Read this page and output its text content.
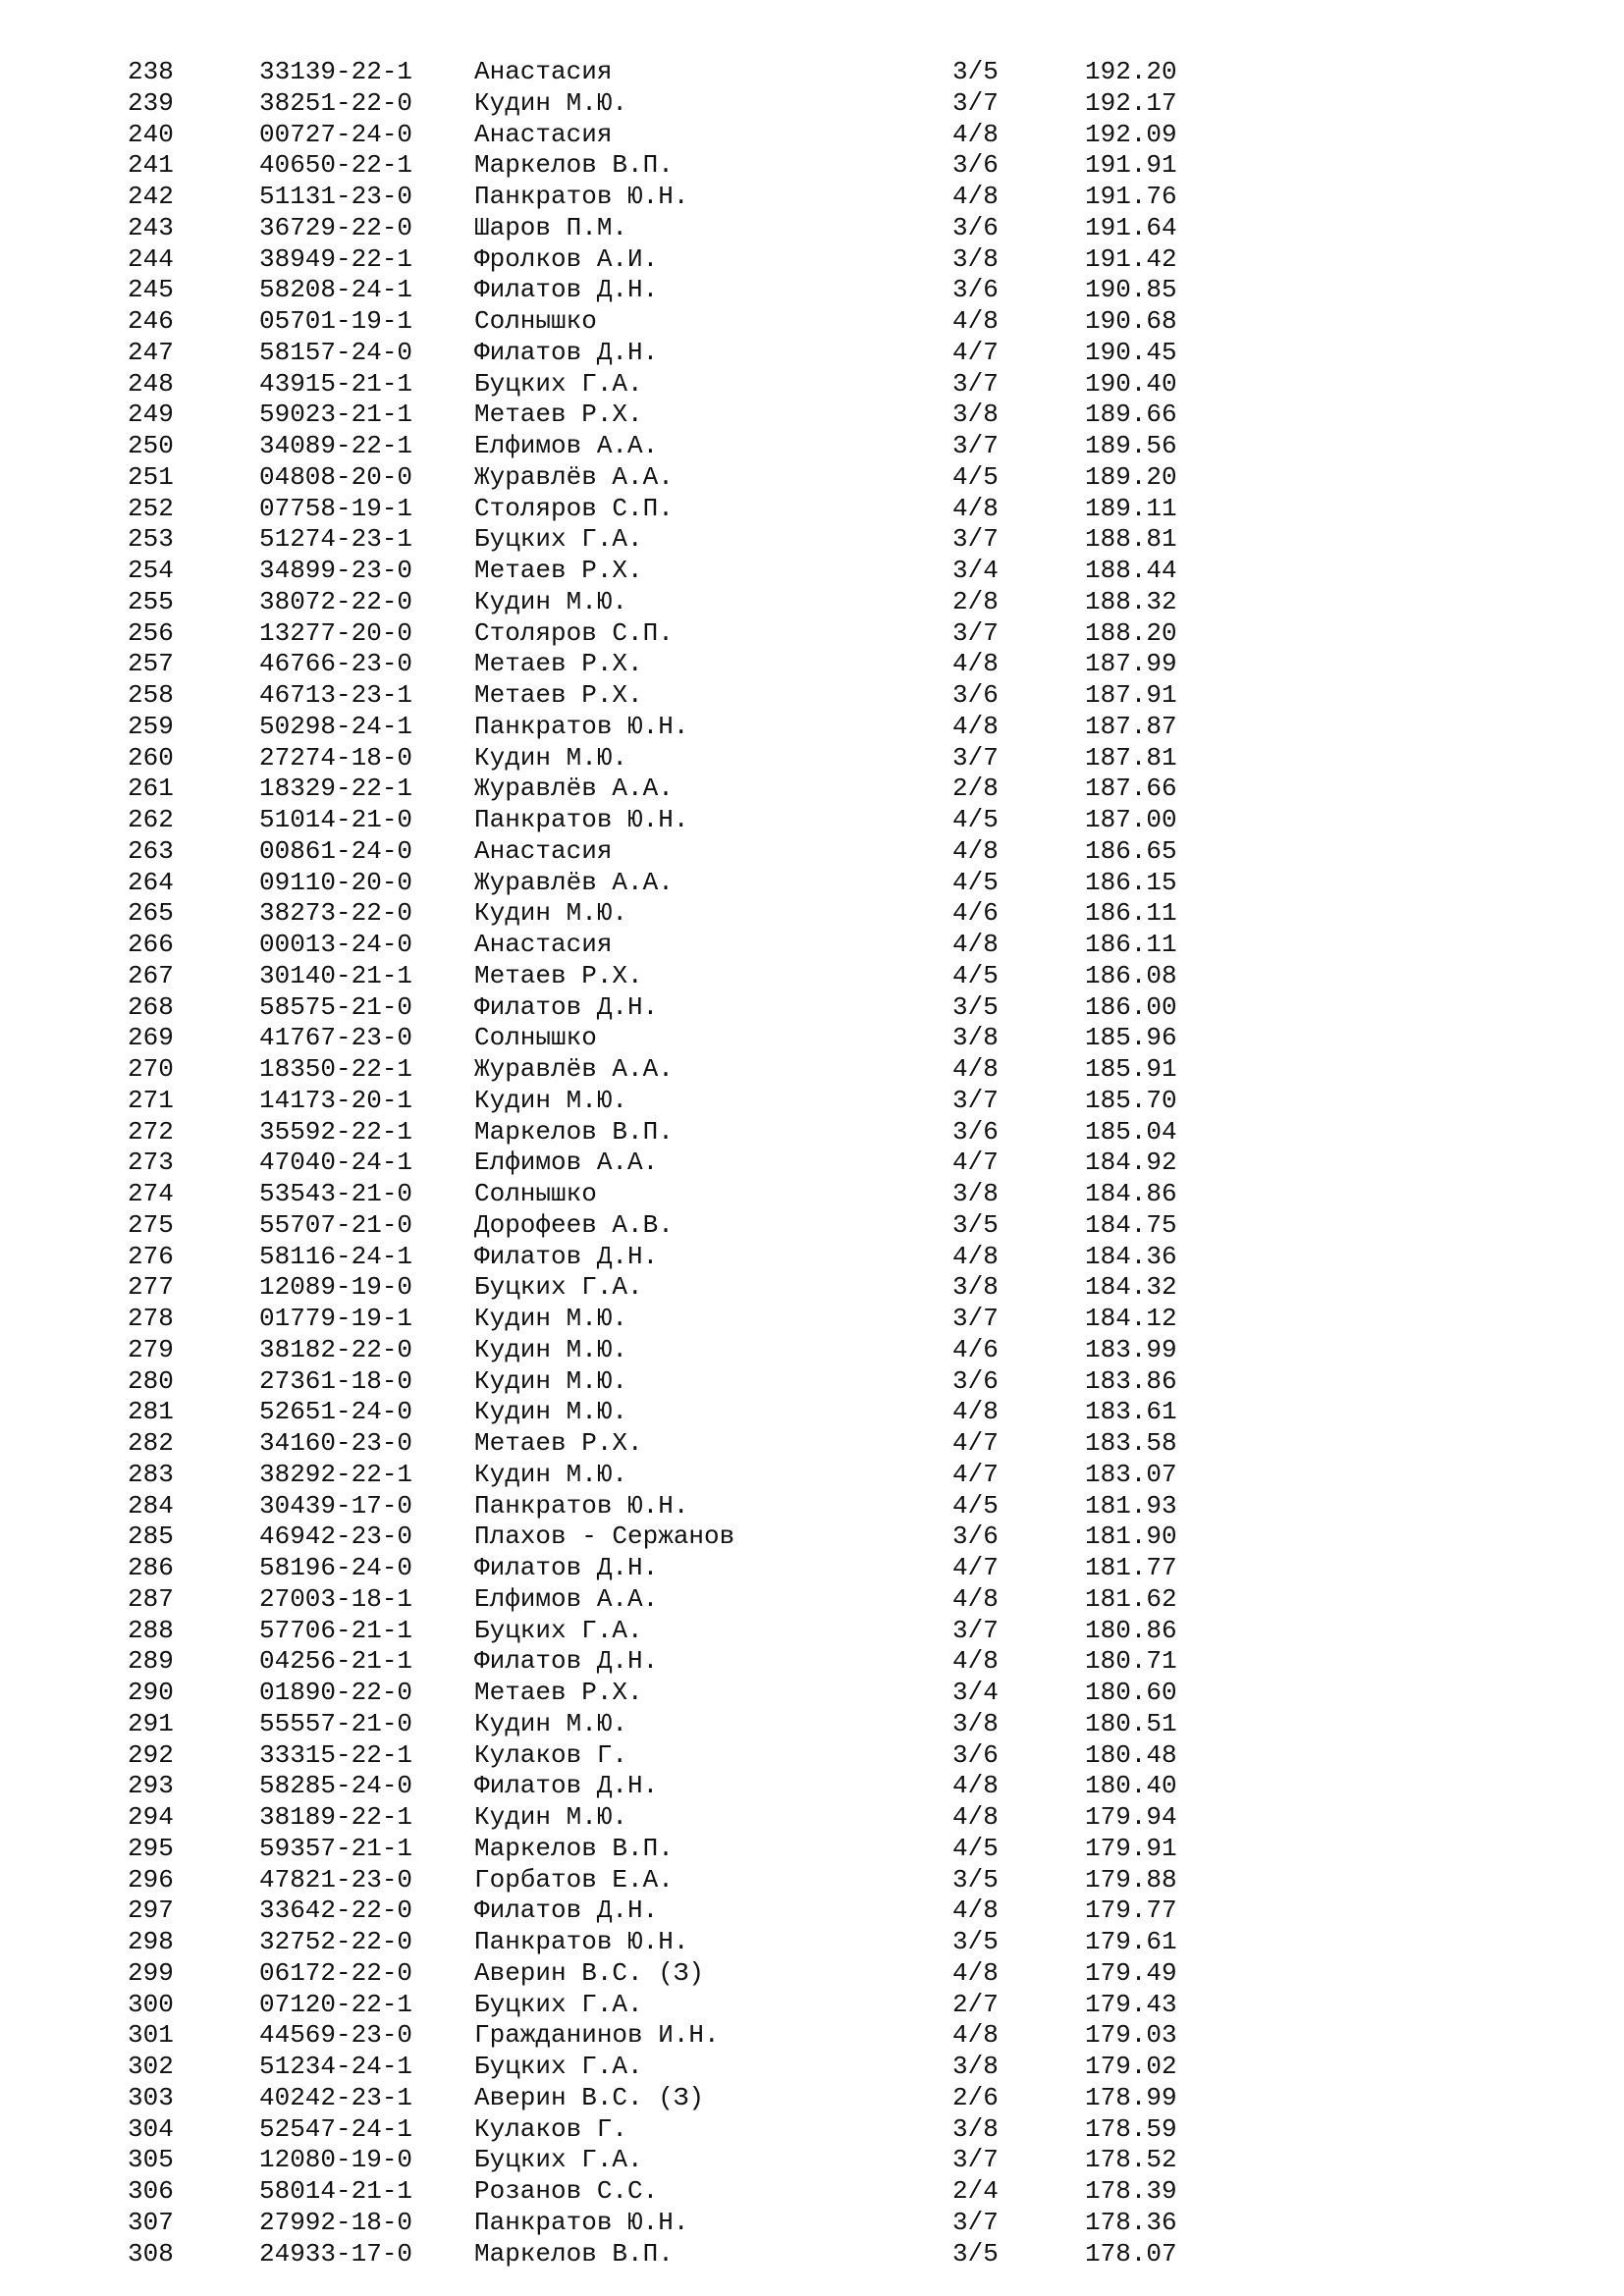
238	33139-22-1 Анастасия	3/5	192.20
239	38251-22-0 Кудин М.Ю.	3/7	192.17
240	00727-24-0 Анастасия	4/8	192.09
241	40650-22-1 Маркелов В.П.	3/6	191.91
242	51131-23-0 Панкратов Ю.Н.	4/8	191.76
243	36729-22-0 Шаров П.М.	3/6	191.64
244	38949-22-1 Фролков А.И.	3/8	191.42
245	58208-24-1 Филатов Д.Н.	3/6	190.85
246	05701-19-1 Солнышко	4/8	190.68
247	58157-24-0 Филатов Д.Н.	4/7	190.45
248	43915-21-1 Буцких Г.А.	3/7	190.40
249	59023-21-1 Метаев Р.Х.	3/8	189.66
250	34089-22-1 Елфимов А.А.	3/7	189.56
251	04808-20-0 Журавлёв А.А.	4/5	189.20
252	07758-19-1 Столяров С.П.	4/8	189.11
253	51274-23-1 Буцких Г.А.	3/7	188.81
254	34899-23-0 Метаев Р.Х.	3/4	188.44
255	38072-22-0 Кудин М.Ю.	2/8	188.32
256	13277-20-0 Столяров С.П.	3/7	188.20
257	46766-23-0 Метаев Р.Х.	4/8	187.99
258	46713-23-1 Метаев Р.Х.	3/6	187.91
259	50298-24-1 Панкратов Ю.Н.	4/8	187.87
260	27274-18-0 Кудин М.Ю.	3/7	187.81
261	18329-22-1 Журавлёв А.А.	2/8	187.66
262	51014-21-0 Панкратов Ю.Н.	4/5	187.00
263	00861-24-0 Анастасия	4/8	186.65
264	09110-20-0 Журавлёв А.А.	4/5	186.15
265	38273-22-0 Кудин М.Ю.	4/6	186.11
266	00013-24-0 Анастасия	4/8	186.11
267	30140-21-1 Метаев Р.Х.	4/5	186.08
268	58575-21-0 Филатов Д.Н.	3/5	186.00
269	41767-23-0 Солнышко	3/8	185.96
270	18350-22-1 Журавлёв А.А.	4/8	185.91
271	14173-20-1 Кудин М.Ю.	3/7	185.70
272	35592-22-1 Маркелов В.П.	3/6	185.04
273	47040-24-1 Елфимов А.А.	4/7	184.92
274	53543-21-0 Солнышко	3/8	184.86
275	55707-21-0 Дорофеев А.В.	3/5	184.75
276	58116-24-1 Филатов Д.Н.	4/8	184.36
277	12089-19-0 Буцких Г.А.	3/8	184.32
278	01779-19-1 Кудин М.Ю.	3/7	184.12
279	38182-22-0 Кудин М.Ю.	4/6	183.99
280	27361-18-0 Кудин М.Ю.	3/6	183.86
281	52651-24-0 Кудин М.Ю.	4/8	183.61
282	34160-23-0 Метаев Р.Х.	4/7	183.58
283	38292-22-1 Кудин М.Ю.	4/7	183.07
284	30439-17-0 Панкратов Ю.Н.	4/5	181.93
285	46942-23-0 Плахов - Сержанов	3/6	181.90
286	58196-24-0 Филатов Д.Н.	4/7	181.77
287	27003-18-1 Елфимов А.А.	4/8	181.62
288	57706-21-1 Буцких Г.А.	3/7	180.86
289	04256-21-1 Филатов Д.Н.	4/8	180.71
290	01890-22-0 Метаев Р.Х.	3/4	180.60
291	55557-21-0 Кудин М.Ю.	3/8	180.51
292	33315-22-1 Кулаков Г.	3/6	180.48
293	58285-24-0 Филатов Д.Н.	4/8	180.40
294	38189-22-1 Кудин М.Ю.	4/8	179.94
295	59357-21-1 Маркелов В.П.	4/5	179.91
296	47821-23-0 Горбатов Е.А.	3/5	179.88
297	33642-22-0 Филатов Д.Н.	4/8	179.77
298	32752-22-0 Панкратов Ю.Н.	3/5	179.61
299	06172-22-0 Аверин В.С. (З)	4/8	179.49
300	07120-22-1 Буцких Г.А.	2/7	179.43
301	44569-23-0 Гражданинов И.Н.	4/8	179.03
302	51234-24-1 Буцких Г.А.	3/8	179.02
303	40242-23-1 Аверин В.С. (З)	2/6	178.99
304	52547-24-1 Кулаков Г.	3/8	178.59
305	12080-19-0 Буцких Г.А.	3/7	178.52
306	58014-21-1 Розанов С.С.	2/4	178.39
307	27992-18-0 Панкратов Ю.Н.	3/7	178.36
308	24933-17-0 Маркелов В.П.	3/5	178.07
